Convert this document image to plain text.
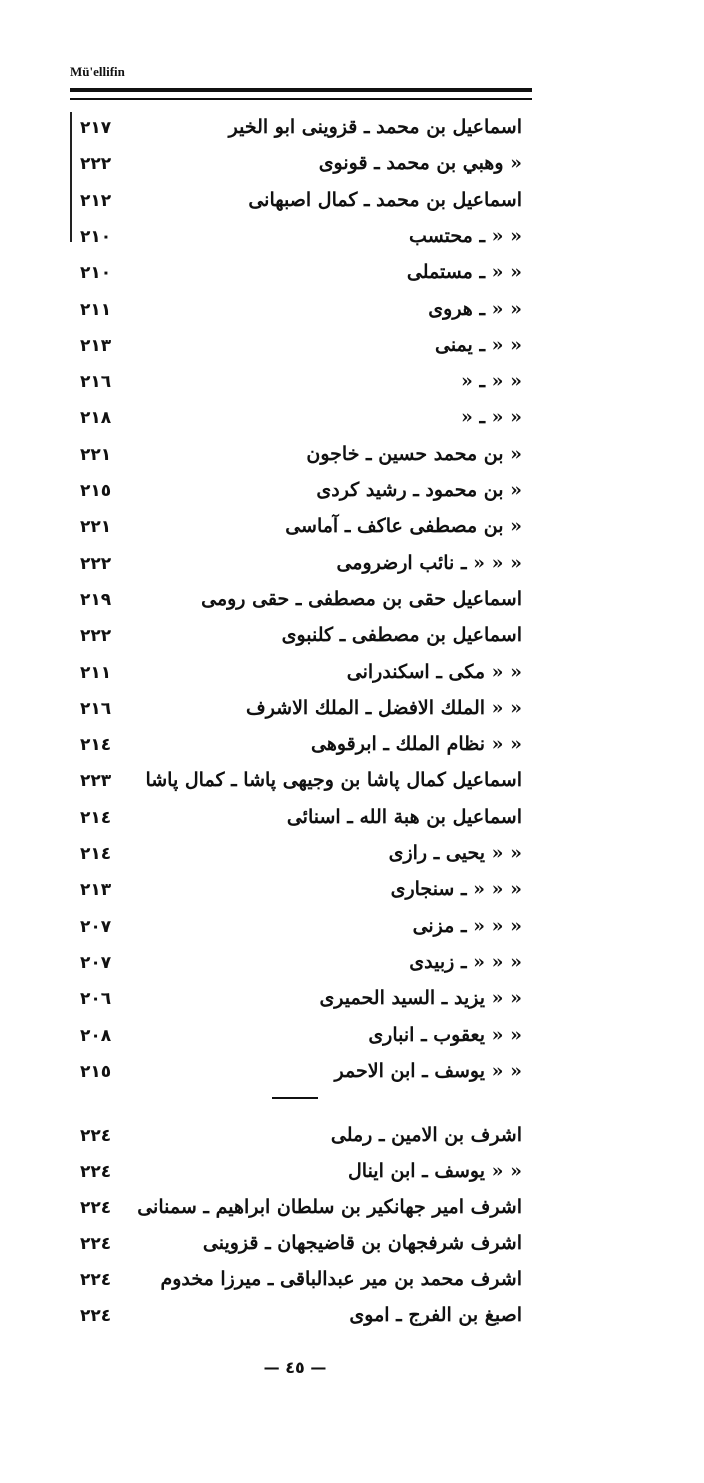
Mü'ellifin
٢١٧	اسماعيل بن محمد ـ قزوینی ابو الخیر
٢٢٢	« وهبي بن محمد ـ قونوی
٢١٢	اسماعيل بن محمد ـ كمال اصبهانی
٢١٠	« « ـ محتسب
٢١٠	« « ـ مستملی
٢١١	« « ـ هروی
٢١٣	« « ـ یمنی
٢١٦	« « ـ «
٢١٨	« « ـ «
٢٢١	« بن محمد حسين ـ خاجون
٢١٥	« بن محمود ـ رشید كردی
٢٢١	« بن مصطفى عاكف ـ آماسی
٢٢٢	« « « ـ نائب ارضرومی
٢١٩	اسماعيل حقی بن مصطفى ـ حقی رومی
٢٢٢	اسماعيل بن مصطفى ـ كلنبوی
٢١١	« « مكی ـ اسكندرانی
٢١٦	« « الملك الافضل ـ الملك الاشرف
٢١٤	« « نظام الملك ـ ابرقوهی
٢٢٣	اسماعيل كمال پاشا بن وجيهی پاشا ـ كمال پاشا
٢١٤	اسماعيل بن هبة الله ـ اسنائی
٢١٤	« « یحیی ـ رازی
٢١٣	« « « ـ سنجاری
٢٠٧	« « « ـ مزنی
٢٠٧	« « « ـ زبیدی
٢٠٦	« « یزید ـ السید الحمیری
٢٠٨	« « یعقوب ـ انباری
٢١٥	« « یوسف ـ ابن الاحمر
٢٢٤	اشرف بن الامین ـ رملی
٢٢٤	« « یوسف ـ ابن اینال
٢٢٤	اشرف امیر جهانكیر بن سلطان ابراهیم ـ سمنانی
٢٢٤	اشرف شرفجهان بن قاضیجهان ـ قزوینی
٢٢٤	اشرف محمد بن میر عبدالباقی ـ میرزا مخدوم
٢٢٤	اصبغ بن الفرج ـ اموی
— ٤٥ —
